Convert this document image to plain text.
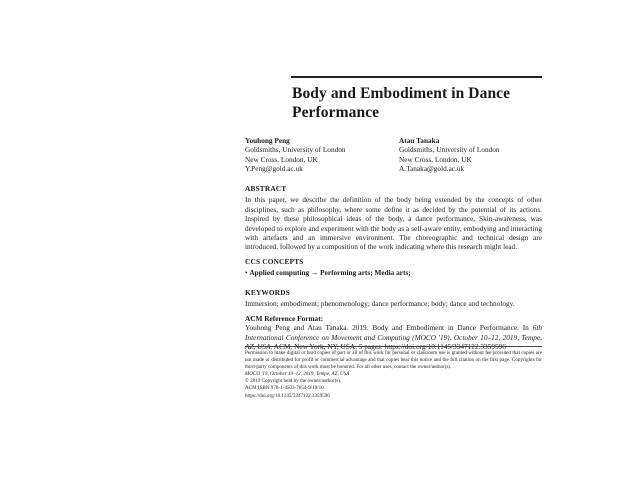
Body and Embodiment in Dance Performance
Youhong Peng
Goldsmiths, University of London
New Cross, London, UK
Y.Peng@gold.ac.uk
Atau Tanaka
Goldsmiths, University of London
New Cross, London, UK
A.Tanaka@gold.ac.uk
ABSTRACT
In this paper, we describe the definition of the body being extended by the concepts of other disciplines, such as philosophy, where some define it as decided by the potential of its actions. Inspired by these philosophical ideas of the body, a dance performance, Skin-awareness, was developed to explore and experiment with the body as a self-aware entity, embodying and interacting with artefacts and an immersive environment. The choreographic and technical design are introduced, followed by a composition of the work indicating where this research might lead.
CCS CONCEPTS
• Applied computing → Performing arts; Media arts;
KEYWORDS
Immersion; embodiment; phenomenology; dance performance; body; dance and technology.
ACM Reference Format:
Youhong Peng and Atau Tanaka. 2019. Body and Embodiment in Dance Performance. In 6th International Conference on Movement and Computing (MOCO '19), October 10–12, 2019, Tempe,

Permission to make digital or hard copies of part or all of this work for personal or classroom use is granted without fee provided that copies are not made or distributed for profit or commercial advantage and that copies bear this notice and the full citation on the first page. Copyrights for third-party components of this work must be honored. For all other uses, contact the owner/author(s).

MOCO '19, October 10–12, 2019, Tempe, AZ, USA

© 2019 Copyright held by the owner/author(s).

ACM ISBN 978-1-4503-7654-9/19/10.

https://doi.org/10.1145/3347122.3359596
